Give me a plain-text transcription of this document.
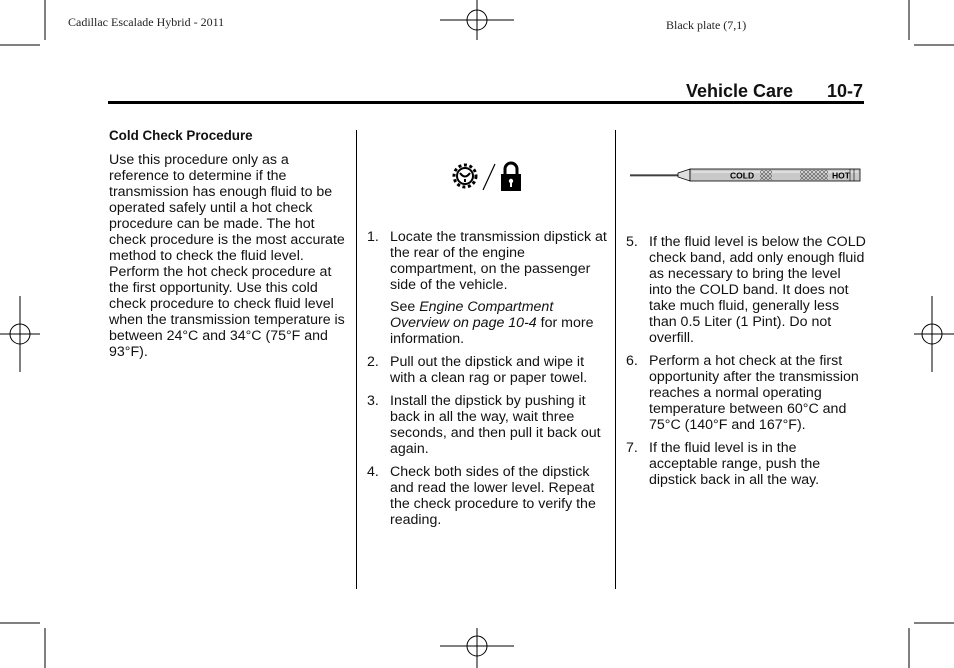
Cadillac Escalade Hybrid - 2011	Black plate (7,1)
Vehicle Care 10-7
Cold Check Procedure
Use this procedure only as a reference to determine if the transmission has enough fluid to be operated safely until a hot check procedure can be made. The hot check procedure is the most accurate method to check the fluid level. Perform the hot check procedure at the first opportunity. Use this cold check procedure to check fluid level when the transmission temperature is between 24°C and 34°C (75°F and 93°F).
1. Locate the transmission dipstick at the rear of the engine compartment, on the passenger side of the vehicle.
See Engine Compartment Overview on page 10‑4 for more information.
2. Pull out the dipstick and wipe it with a clean rag or paper towel.
3. Install the dipstick by pushing it back in all the way, wait three seconds, and then pull it back out again.
4. Check both sides of the dipstick and read the lower level. Repeat the check procedure to verify the reading.
COLD	HOT
5. If the fluid level is below the COLD check band, add only enough fluid as necessary to bring the level into the COLD band. It does not take much fluid, generally less than 0.5 Liter (1 Pint). Do not overfill.
6. Perform a hot check at the first opportunity after the transmission reaches a normal operating temperature between 60°C and 75°C (140°F and 167°F).
7. If the fluid level is in the acceptable range, push the dipstick back in all the way.
